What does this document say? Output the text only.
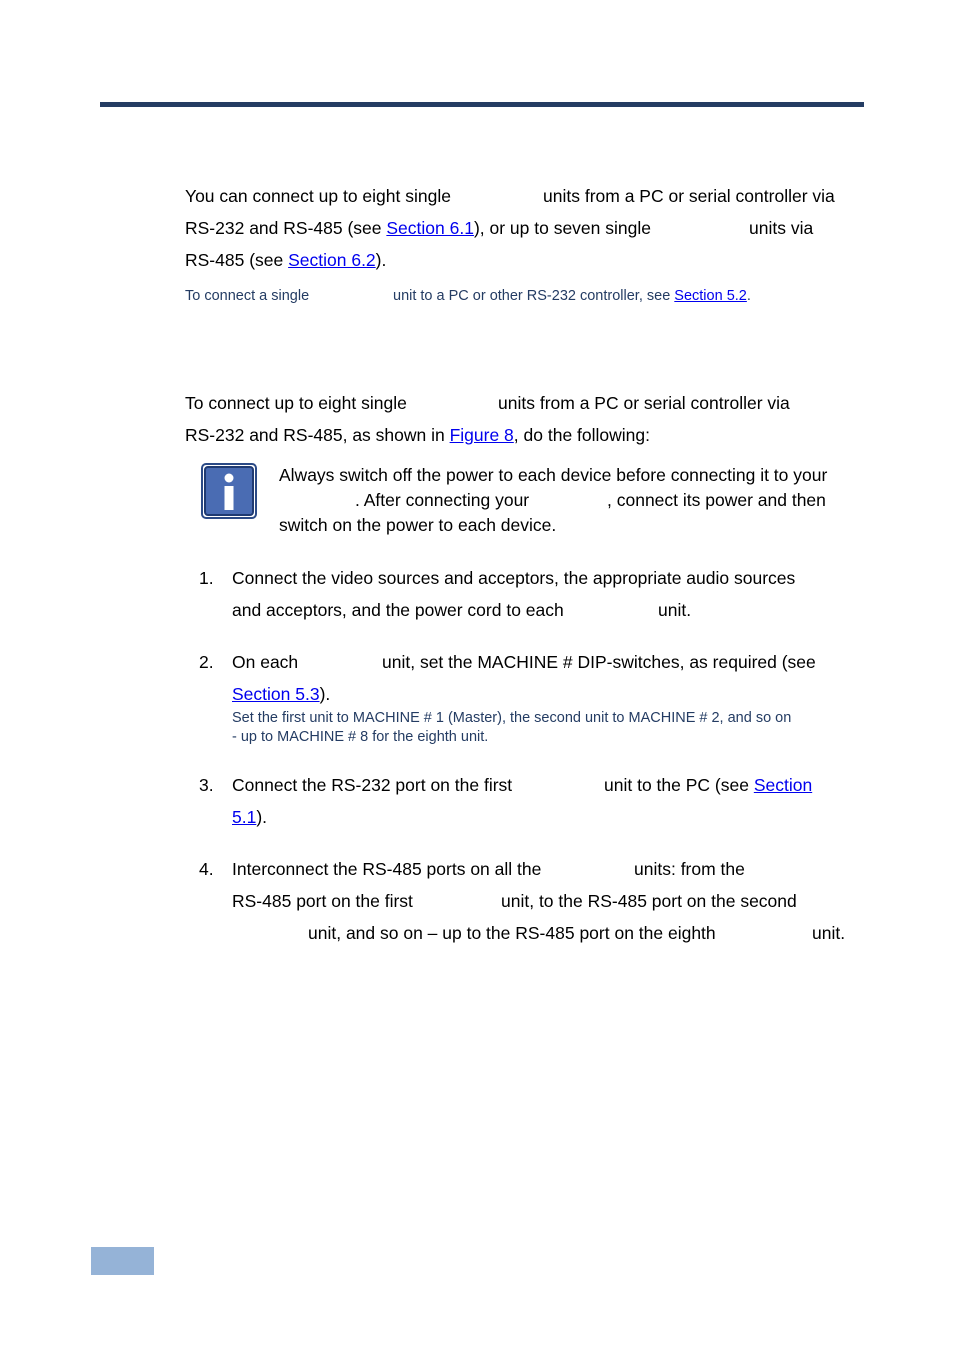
You can connect up to eight single	units from a PC or serial controller via
RS-232 and RS-485 (see Section 6.1), or up to seven single	units via
RS-485 (see Section 6.2).
To connect a single	unit to a PC or other RS-232 controller, see Section 5.2.
To connect up to eight single	units from a PC or serial controller via
RS-232 and RS-485, as shown in Figure 8, do the following:
Always switch off the power to each device before connecting it to your
. After connecting your	, connect its power and then
switch on the power to each device.
1. Connect the video sources and acceptors, the appropriate audio sources
and acceptors, and the power cord to each	unit.
2. On each	unit, set the MACHINE # DIP-switches, as required (see
Section 5.3).
Set the first unit to MACHINE # 1 (Master), the second unit to MACHINE # 2, and so on
- up to MACHINE # 8 for the eighth unit.
3. Connect the RS-232 port on the first	unit to the PC (see Section
5.1).
4. Interconnect the RS-485 ports on all the	units: from the
RS-485 port on the first	unit, to the RS-485 port on the second
unit, and so on – up to the RS-485 port on the eighth	unit.
